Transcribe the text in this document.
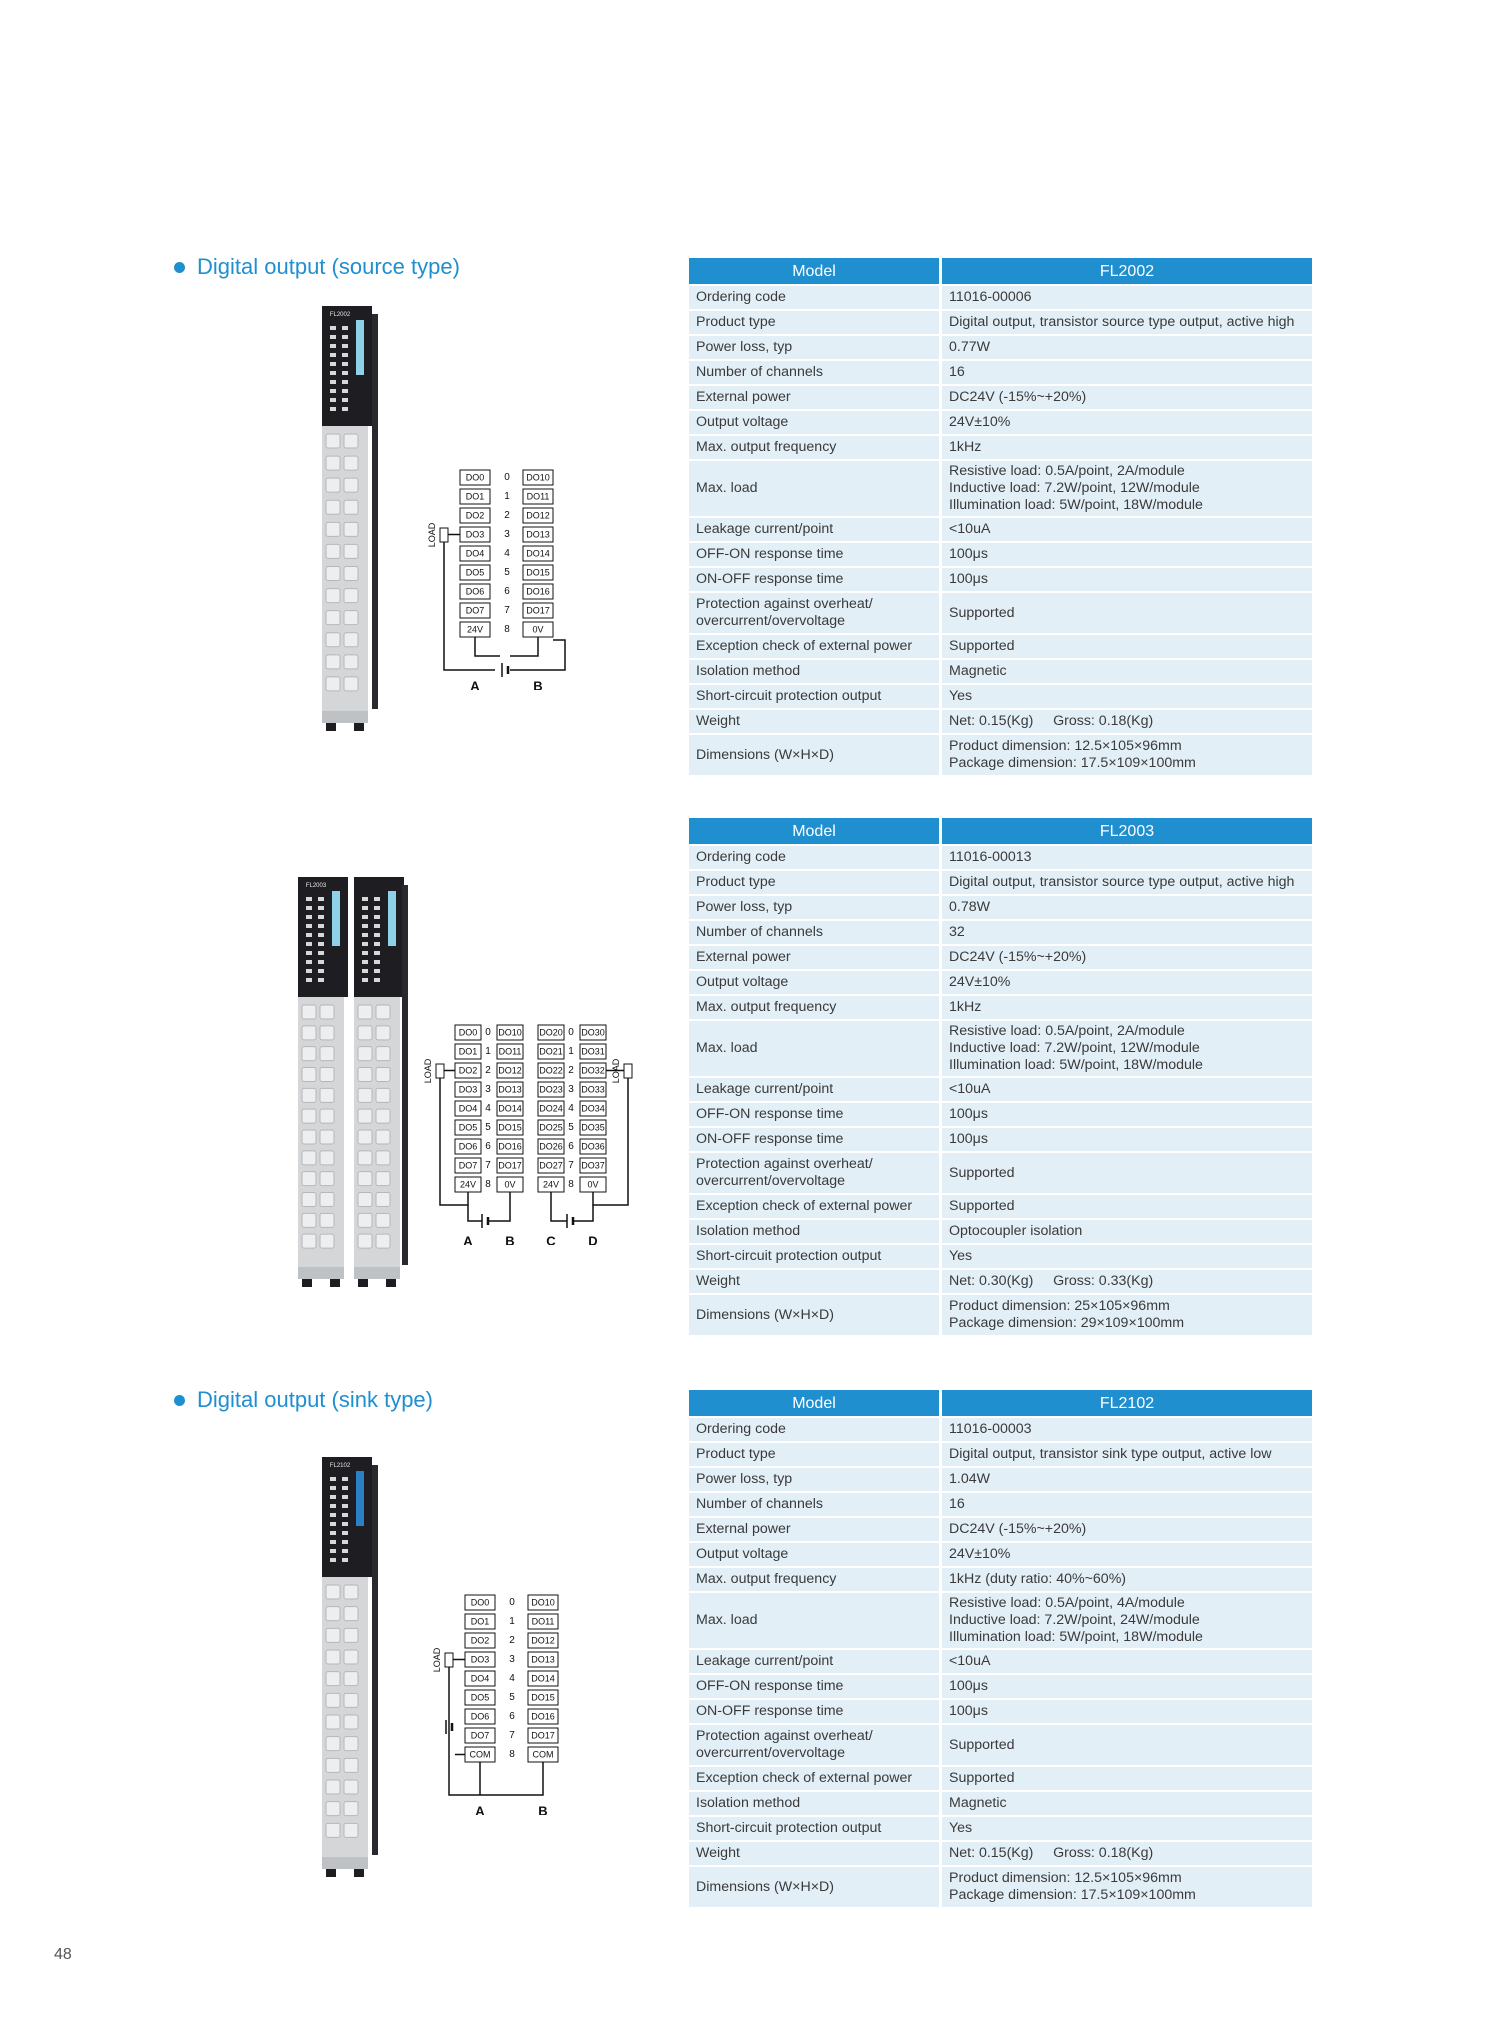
Digital output (source type)
Digital output (sink type)
Model	FL2002
Ordering code	11016-00006

Product type	Digital output, transistor source type output, active high

Power loss, typ	0.77W

Number of channels	16

External power	DC24V (-15%~+20%)

Output voltage	24V±10%

Max. output frequency	1kHz

Max. load	Resistive load: 0.5A/point, 2A/module
Inductive load: 7.2W/point, 12W/module
Illumination load: 5W/point, 18W/module

Leakage current/point	<10uA

OFF-ON response time	100μs

ON-OFF response time	100μs

Protection against overheat/ overcurrent/overvoltage	Supported

Exception check of external power	Supported

Isolation method	Magnetic

Short-circuit protection output	Yes

Weight	Net: 0.15(Kg)     Gross: 0.18(Kg)

Dimensions (W×H×D)	Product dimension: 12.5×105×96mm
Package dimension: 17.5×109×100mm
Model	FL2003
Ordering code	11016-00013

Product type	Digital output, transistor source type output, active high

Power loss, typ	0.78W

Number of channels	32

External power	DC24V (-15%~+20%)

Output voltage	24V±10%

Max. output frequency	1kHz

Max. load	Resistive load: 0.5A/point, 2A/module
Inductive load: 7.2W/point, 12W/module
Illumination load: 5W/point, 18W/module

Leakage current/point	<10uA

OFF-ON response time	100μs

ON-OFF response time	100μs

Protection against overheat/ overcurrent/overvoltage	Supported

Exception check of external power	Supported

Isolation method	Optocoupler isolation

Short-circuit protection output	Yes

Weight	Net: 0.30(Kg)     Gross: 0.33(Kg)

Dimensions (W×H×D)	Product dimension: 25×105×96mm
Package dimension: 29×109×100mm
Model	FL2102
Ordering code	11016-00003

Product type	Digital output, transistor sink type output, active low

Power loss, typ	1.04W

Number of channels	16

External power	DC24V (-15%~+20%)

Output voltage	24V±10%

Max. output frequency	1kHz (duty ratio: 40%~60%)

Max. load	Resistive load: 0.5A/point, 4A/module
Inductive load: 7.2W/point, 24W/module
Illumination load: 5W/point, 18W/module

Leakage current/point	<10uA

OFF-ON response time	100μs

ON-OFF response time	100μs

Protection against overheat/ overcurrent/overvoltage	Supported

Exception check of external power	Supported

Isolation method	Magnetic

Short-circuit protection output	Yes

Weight	Net: 0.15(Kg)     Gross: 0.18(Kg)

Dimensions (W×H×D)	Product dimension: 12.5×105×96mm
Package dimension: 17.5×109×100mm
FL2002
FL2003
FL2102
DO0
DO1
DO2
DO3
DO4
DO5
DO6
DO7
24V
0
1
2
3
4
5
6
7
8
DO10
DO11
DO12
DO13
DO14
DO15
DO16
DO17
0V
LOAD
A	B
DO0
DO1
DO2
DO3
DO4
DO5
DO6
DO7
24V
0
1
2
3
4
5
6
7
8
DO10
DO11
DO12
DO13
DO14
DO15
DO16
DO17
0V
DO20
DO21
DO22
DO23
DO24
DO25
DO26
DO27
24V
0
1
2
3
4
5
6
7
8
DO30
DO31
DO32
DO33
DO34
DO35
DO36
DO37
0V
LOAD	LOAD
A	B C	D
DO0
DO1
DO2
DO3
DO4
DO5
DO6
DO7
COM
0
1
2
3
4
5
6
7
8
DO10
DO11
DO12
DO13
DO14
DO15
DO16
DO17
COM
LOAD
A	B
48
